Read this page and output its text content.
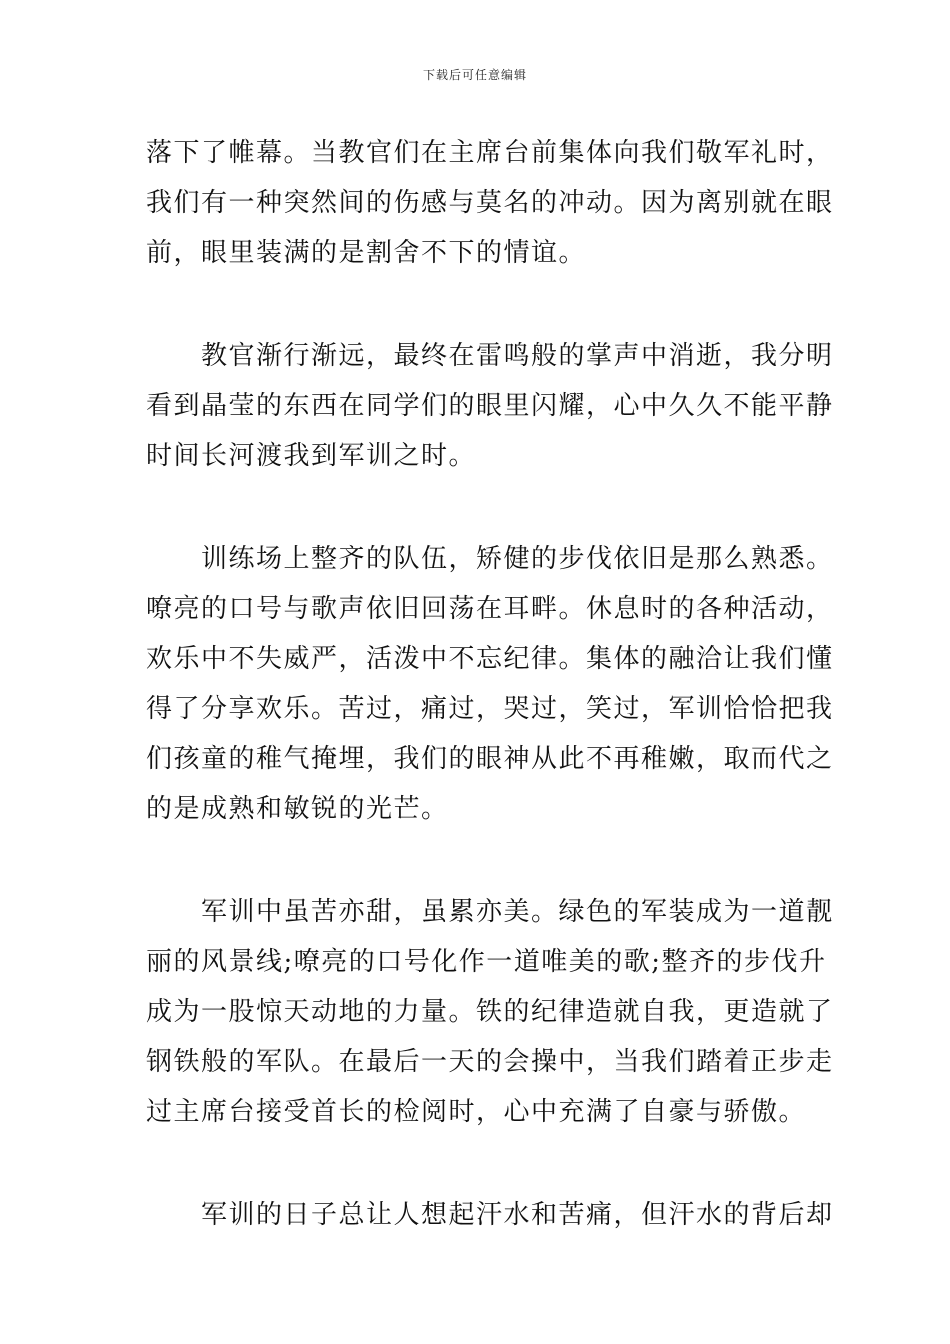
下载后可任意编辑
落下了帷幕。当教官们在主席台前集体向我们敬军礼时，
我们有一种突然间的伤感与莫名的冲动。因为离别就在眼
前，眼里装满的是割舍不下的情谊。
　　教官渐行渐远，最终在雷鸣般的掌声中消逝，我分明
看到晶莹的东西在同学们的眼里闪耀，心中久久不能平静
时间长河渡我到军训之时。
　　训练场上整齐的队伍，矫健的步伐依旧是那么熟悉。
嘹亮的口号与歌声依旧回荡在耳畔。休息时的各种活动，
欢乐中不失威严，活泼中不忘纪律。集体的融洽让我们懂
得了分享欢乐。苦过，痛过，哭过，笑过，军训恰恰把我
们孩童的稚气掩埋，我们的眼神从此不再稚嫩，取而代之
的是成熟和敏锐的光芒。
　　军训中虽苦亦甜，虽累亦美。绿色的军装成为一道靓
丽的风景线;嘹亮的口号化作一道唯美的歌;整齐的步伐升
成为一股惊天动地的力量。铁的纪律造就自我，更造就了
钢铁般的军队。在最后一天的会操中，当我们踏着正步走
过主席台接受首长的检阅时，心中充满了自豪与骄傲。
　　军训的日子总让人想起汗水和苦痛，但汗水的背后却
